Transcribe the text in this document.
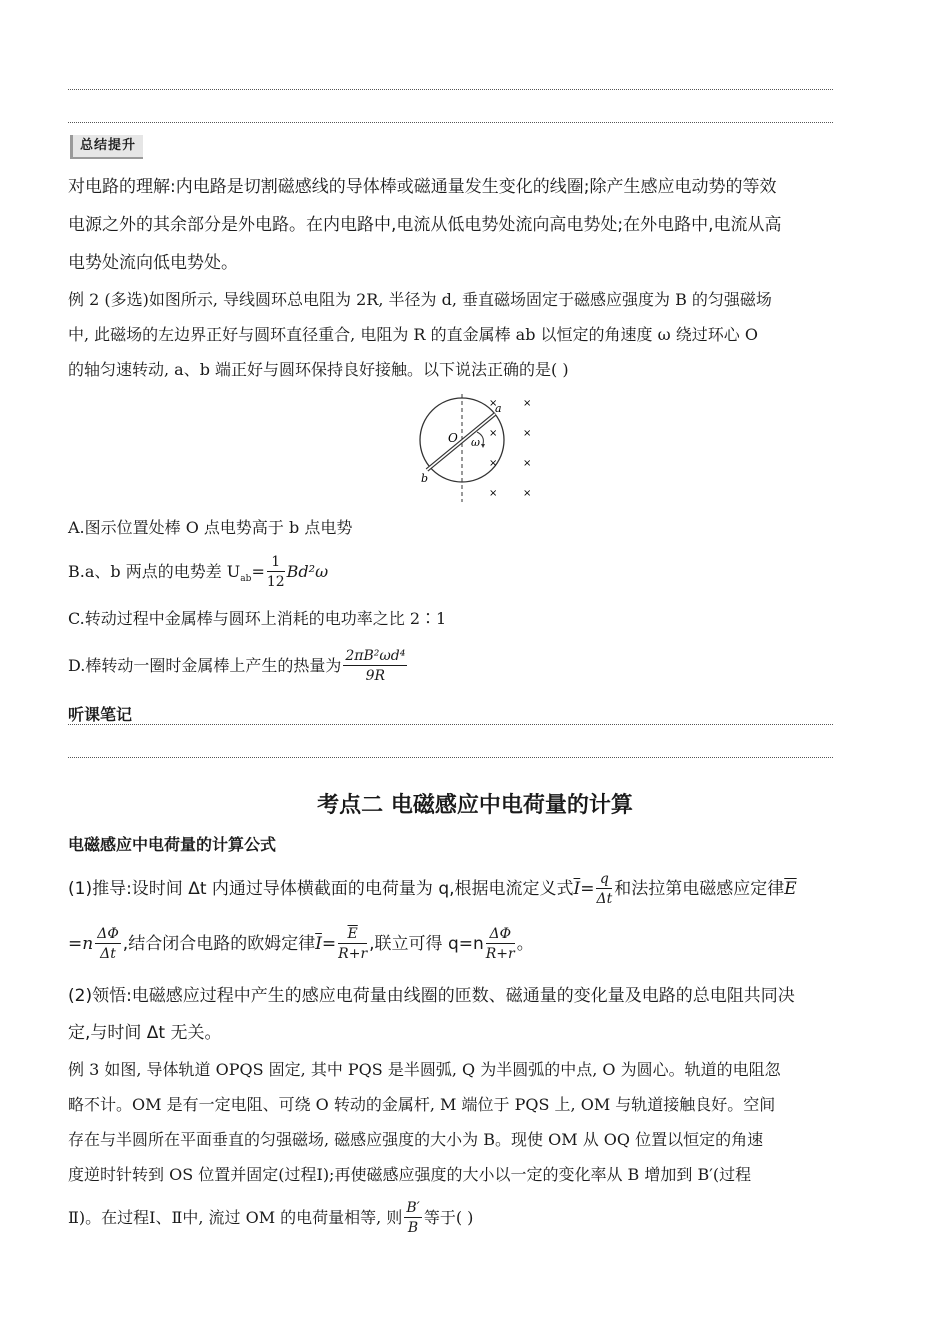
总结提升
对电路的理解:内电路是切割磁感线的导体棒或磁通量发生变化的线圈;除产生感应电动势的等效
电源之外的其余部分是外电路。在内电路中,电流从低电势处流向高电势处;在外电路中,电流从高
电势处流向低电势处。
例 2 (多选)如图所示, 导线圆环总电阻为 2R, 半径为 d, 垂直磁场固定于磁感应强度为 B 的匀强磁场
中, 此磁场的左边界正好与圆环直径重合, 电阻为 R 的直金属棒 ab 以恒定的角速度 ω 绕过环心 O
的轴匀速转动, a、b 端正好与圆环保持良好接触。以下说法正确的是( )
O
a
b
ω
×	×
×	×
×	×
×	×
A.图示位置处棒 O 点电势高于 b 点电势
B.a、b 两点的电势差 $U_{ab}= \frac{1}{12} Bd^2\omega$
C.转动过程中金属棒与圆环上消耗的电功率之比 2∶1
D.棒转动一圈时金属棒上产生的热量为 $\frac{\text{2πB²ωd⁴}}{9R}$
听课笔记
考点二 电磁感应中电荷量的计算
电磁感应中电荷量的计算公式
(1)推导:设时间 Δt 内通过导体横截面的电荷量为 q,根据电流定义式$\overline{I}= \frac{q}{\Delta t}$ 和法拉第电磁感应定律$\overline{E}$
$=n \frac{\Delta\Phi}{\Delta t}$ ,结合闭合电路的欧姆定律$\overline{I}= \frac{\overline{E}}{R+r}$ ,联立可得 $q=n \frac{\Delta\Phi}{R+r}$ 。
(2)领悟:电磁感应过程中产生的感应电荷量由线圈的匝数、磁通量的变化量及电路的总电阻共同决
定,与时间 Δt 无关。
例 3 如图, 导体轨道 OPQS 固定, 其中 PQS 是半圆弧, Q 为半圆弧的中点, O 为圆心。轨道的电阻忽
略不计。OM 是有一定电阻、可绕 O 转动的金属杆, M 端位于 PQS 上, OM 与轨道接触良好。空间
存在与半圆所在平面垂直的匀强磁场, 磁感应强度的大小为 B。现使 OM 从 OQ 位置以恒定的角速
度逆时针转到 OS 位置并固定(过程Ⅰ);再使磁感应强度的大小以一定的变化率从 B 增加到 B′(过程
Ⅱ)。在过程Ⅰ、Ⅱ中, 流过 OM 的电荷量相等, 则 $\frac{B'}{B}$ 等于( )
